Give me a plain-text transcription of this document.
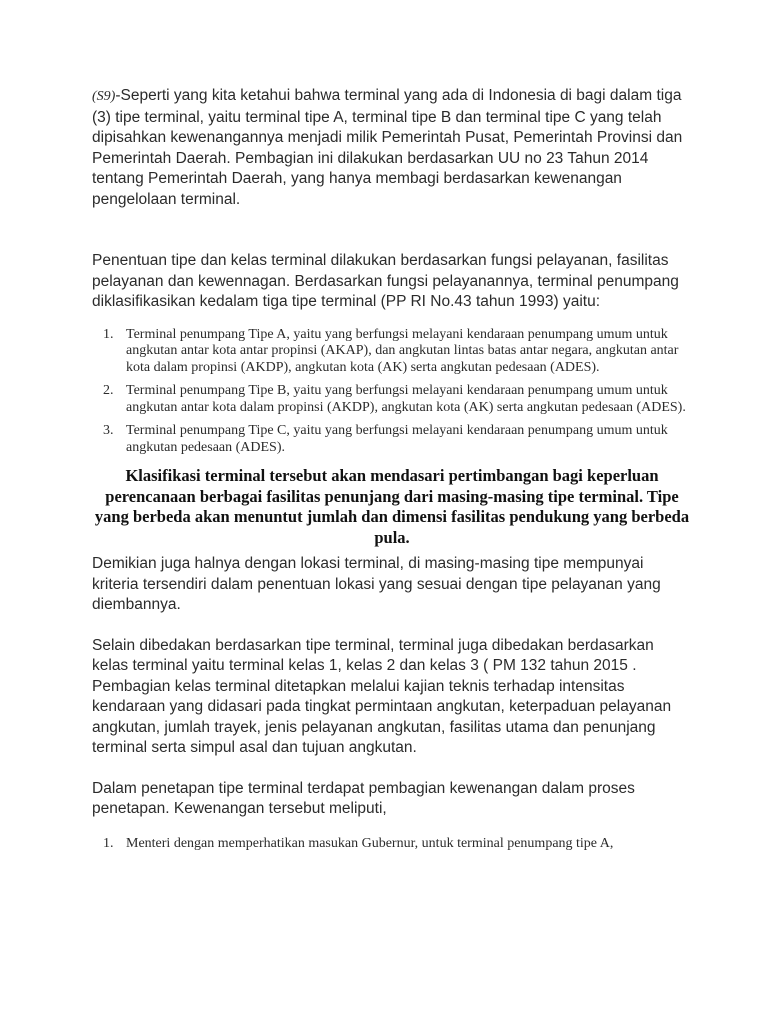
(S9)-Seperti yang kita ketahui bahwa terminal yang ada di Indonesia di bagi dalam tiga (3) tipe terminal, yaitu terminal tipe A, terminal tipe B dan terminal tipe C yang telah dipisahkan kewenangannya menjadi milik Pemerintah Pusat, Pemerintah Provinsi dan Pemerintah Daerah. Pembagian ini dilakukan berdasarkan UU no 23 Tahun 2014 tentang Pemerintah Daerah, yang hanya membagi berdasarkan kewenangan pengelolaan terminal.

Penentuan tipe dan kelas terminal dilakukan berdasarkan fungsi pelayanan, fasilitas pelayanan dan kewennagan. Berdasarkan fungsi pelayanannya, terminal penumpang diklasifikasikan kedalam tiga tipe terminal (PP RI No.43 tahun 1993) yaitu:

1. Terminal penumpang Tipe A, yaitu yang berfungsi melayani kendaraan penumpang umum untuk angkutan antar kota antar propinsi (AKAP), dan angkutan lintas batas antar negara, angkutan antar kota dalam propinsi (AKDP), angkutan kota (AK) serta angkutan pedesaan (ADES).
2. Terminal penumpang Tipe B, yaitu yang berfungsi melayani kendaraan penumpang umum untuk angkutan antar kota dalam propinsi (AKDP), angkutan kota (AK) serta angkutan pedesaan (ADES).
3. Terminal penumpang Tipe C, yaitu yang berfungsi melayani kendaraan penumpang umum untuk angkutan pedesaan (ADES).

Klasifikasi terminal tersebut akan mendasari pertimbangan bagi keperluan perencanaan berbagai fasilitas penunjang dari masing-masing tipe terminal. Tipe yang berbeda akan menuntut jumlah dan dimensi fasilitas pendukung yang berbeda pula.

Demikian juga halnya dengan lokasi terminal, di masing-masing tipe mempunyai kriteria tersendiri dalam penentuan lokasi yang sesuai dengan tipe pelayanan yang diembannya.

Selain dibedakan berdasarkan tipe terminal, terminal juga dibedakan berdasarkan kelas terminal yaitu terminal kelas 1, kelas 2 dan kelas 3 ( PM 132 tahun 2015 . Pembagian kelas terminal ditetapkan melalui kajian teknis terhadap intensitas kendaraan yang didasari pada tingkat permintaan angkutan, keterpaduan pelayanan angkutan, jumlah trayek, jenis pelayanan angkutan, fasilitas utama dan penunjang terminal serta simpul asal dan tujuan angkutan.

Dalam penetapan tipe terminal terdapat pembagian kewenangan dalam proses penetapan. Kewenangan tersebut meliputi,

1. Menteri dengan memperhatikan masukan Gubernur, untuk terminal penumpang tipe A,
